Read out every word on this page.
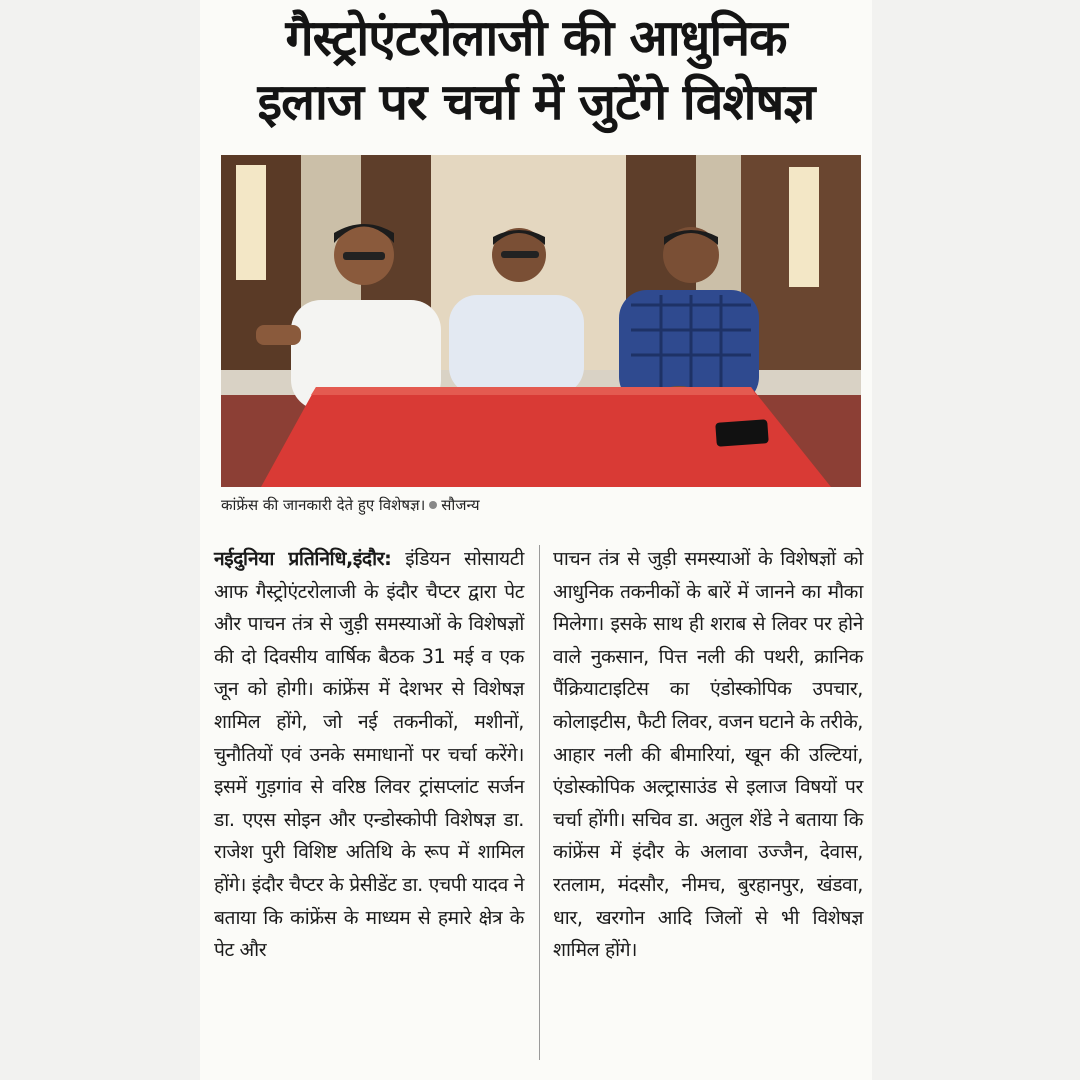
गैस्ट्रोएंटरोलाजी की आधुनिक
इलाज पर चर्चा में जुटेंगे विशेषज्ञ
कांफ्रेंस की जानकारी देते हुए विशेषज्ञ। सौजन्य
नईदुनिया प्रतिनिधि,इंदौर: इंडियन सोसायटी आफ गैस्ट्रोएंटरोलाजी के इंदौर चैप्टर द्वारा पेट और पाचन तंत्र से जुड़ी समस्याओं के विशेषज्ञों की दो दिवसीय वार्षिक बैठक 31 मई व एक जून को होगी। कांफ्रेंस में देशभर से विशेषज्ञ शामिल होंगे, जो नई तकनीकों, मशीनों, चुनौतियों एवं उनके समाधानों पर चर्चा करेंगे। इसमें गुड़गांव से वरिष्ठ लिवर ट्रांसप्लांट सर्जन डा. एएस सोइन और एन्डोस्कोपी विशेषज्ञ डा. राजेश पुरी विशिष्ट अतिथि के रूप में शामिल होंगे। इंदौर चैप्टर के प्रेसीडेंट डा. एचपी यादव ने बताया कि कांफ्रेंस के माध्यम से हमारे क्षेत्र के पेट और
पाचन तंत्र से जुड़ी समस्याओं के विशेषज्ञों को आधुनिक तकनीकों के बारें में जानने का मौका मिलेगा। इसके साथ ही शराब से लिवर पर होने वाले नुकसान, पित्त नली की पथरी, क्रानिक पैंक्रियाटाइटिस का एंडोस्कोपिक उपचार, कोलाइटीस, फैटी लिवर, वजन घटाने के तरीके, आहार नली की बीमारियां, खून की उल्टियां, एंडोस्कोपिक अल्ट्रासाउंड से इलाज विषयों पर चर्चा होंगी। सचिव डा. अतुल शेंडे ने बताया कि कांफ्रेंस में इंदौर के अलावा उज्जैन, देवास, रतलाम, मंदसौर, नीमच, बुरहानपुर, खंडवा, धार, खरगोन आदि जिलों से भी विशेषज्ञ शामिल होंगे।
